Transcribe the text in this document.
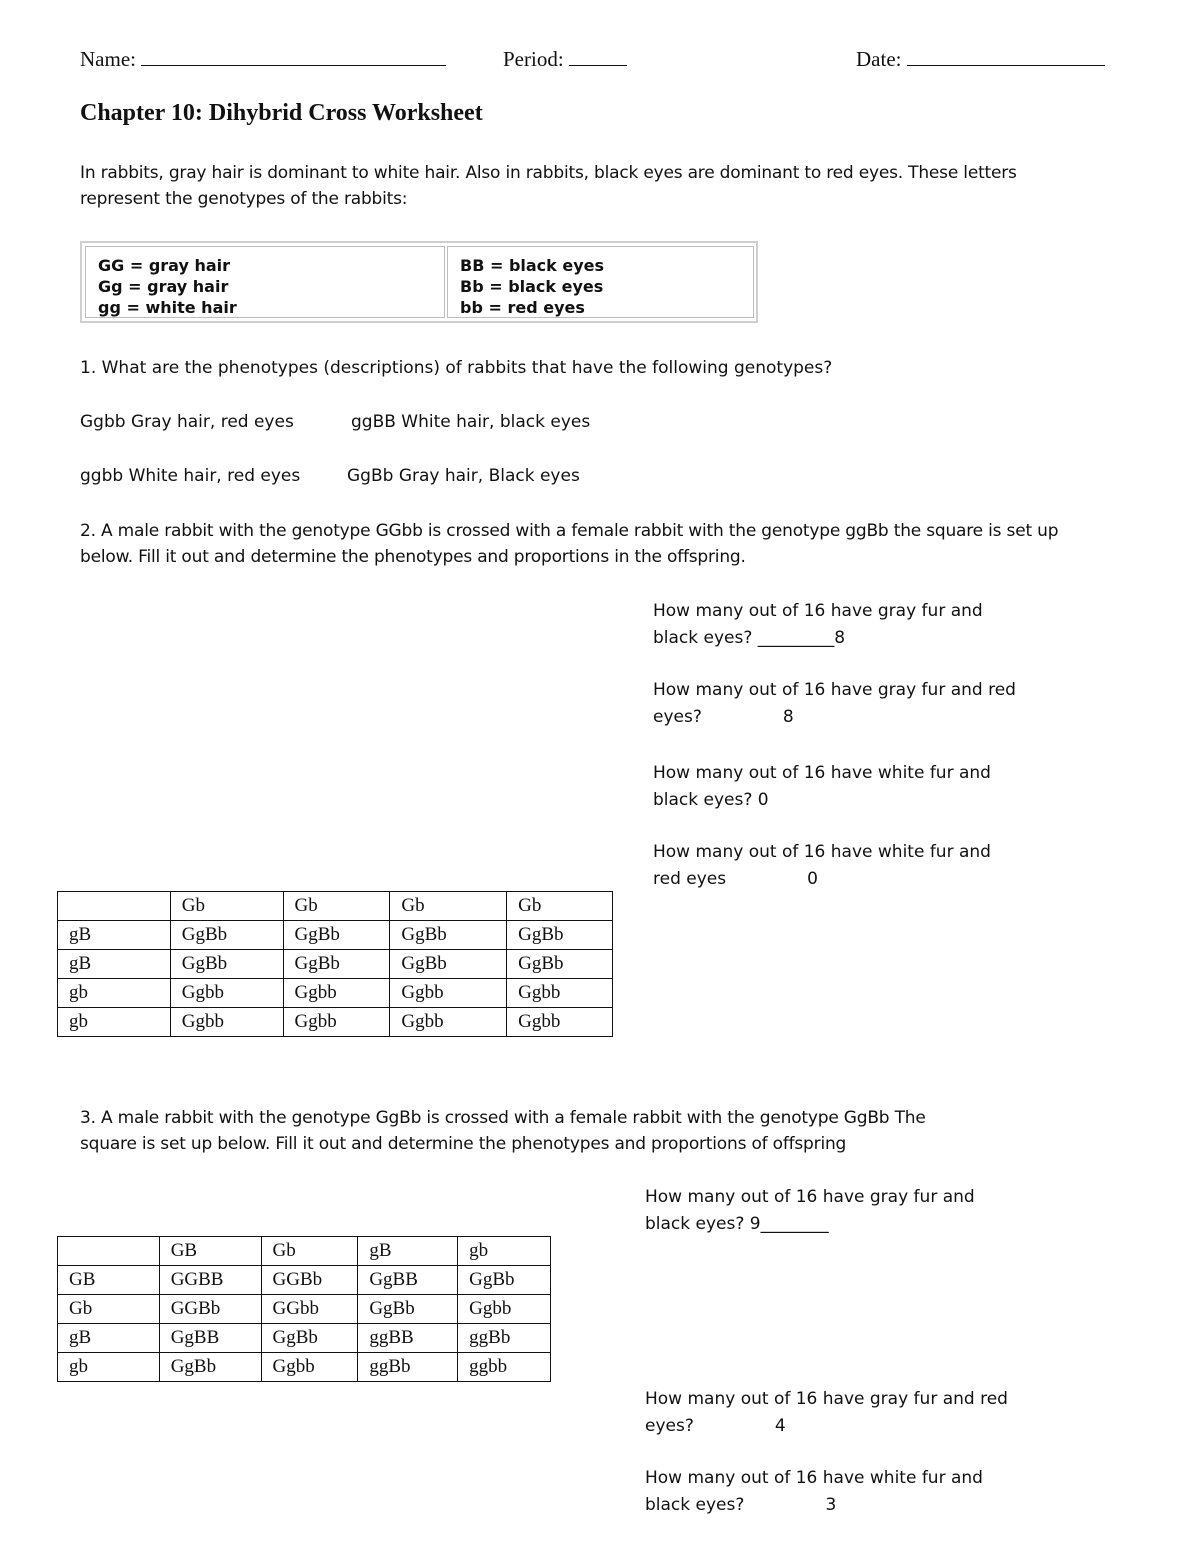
Name:	Period:	Date:
Chapter 10: Dihybrid Cross Worksheet
In rabbits, gray hair is dominant to white hair. Also in rabbits, black eyes are dominant to red eyes. These letters
represent the genotypes of the rabbits:
GG = gray hair
Gg = gray hair
gg = white hair
BB = black eyes
Bb = black eyes
bb = red eyes
1. What are the phenotypes (descriptions) of rabbits that have the following genotypes?
Ggbb Gray hair, red eyes	ggBB White hair, black eyes
ggbb White hair, red eyes	GgBb Gray hair, Black eyes
2. A male rabbit with the genotype GGbb is crossed with a female rabbit with the genotype ggBb the square is set up
below. Fill it out and determine the phenotypes and proportions in the offspring.
How many out of 16 have gray fur and
black eyes? _________8
How many out of 16 have gray fur and red
eyes?               8
How many out of 16 have white fur and
black eyes? 0
How many out of 16 have white fur and
red eyes               0
	Gb	Gb	Gb	Gb
gB	GgBb	GgBb	GgBb	GgBb
gB	GgBb	GgBb	GgBb	GgBb
gb	Ggbb	Ggbb	Ggbb	Ggbb
gb	Ggbb	Ggbb	Ggbb	Ggbb
3. A male rabbit with the genotype GgBb is crossed with a female rabbit with the genotype GgBb The
square is set up below. Fill it out and determine the phenotypes and proportions of offspring
How many out of 16 have gray fur and
black eyes? 9________
How many out of 16 have gray fur and red
eyes?               4
How many out of 16 have white fur and
black eyes?               3
	GB	Gb	gB	gb
GB	GGBB	GGBb	GgBB	GgBb
Gb	GGBb	GGbb	GgBb	Ggbb
gB	GgBB	GgBb	ggBB	ggBb
gb	GgBb	Ggbb	ggBb	ggbb
